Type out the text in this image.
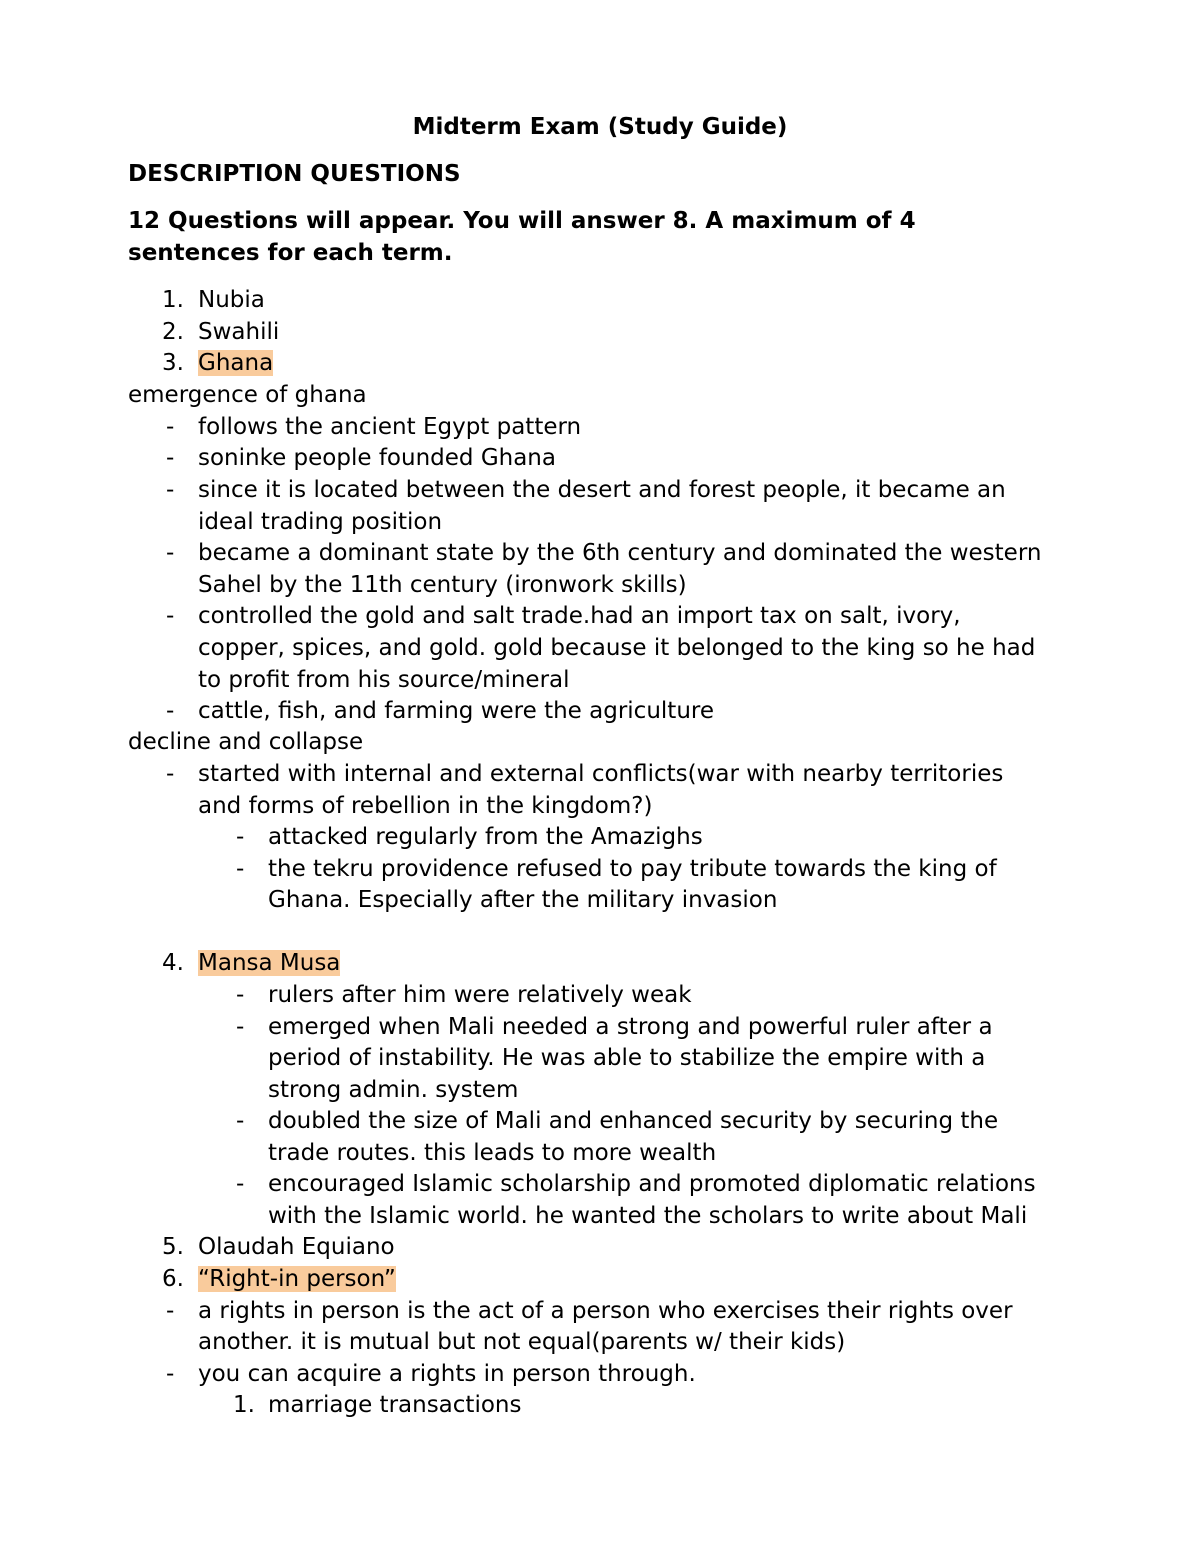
Midterm Exam (Study Guide)
DESCRIPTION QUESTIONS
12 Questions will appear. You will answer 8. A maximum of 4
sentences for each term.
1. Nubia
2. Swahili
3. Ghana
emergence of ghana
- follows the ancient Egypt pattern
- soninke people founded Ghana
- since it is located between the desert and forest people, it became an
ideal trading position
- became a dominant state by the 6th century and dominated the western
Sahel by the 11th century (ironwork skills)
- controlled the gold and salt trade.had an import tax on salt, ivory,
copper, spices, and gold. gold because it belonged to the king so he had
to profit from his source/mineral
- cattle, fish, and farming were the agriculture
decline and collapse
- started with internal and external conflicts(war with nearby territories
and forms of rebellion in the kingdom?)
- attacked regularly from the Amazighs
- the tekru providence refused to pay tribute towards the king of
Ghana. Especially after the military invasion
4. Mansa Musa
- rulers after him were relatively weak
- emerged when Mali needed a strong and powerful ruler after a
period of instability. He was able to stabilize the empire with a
strong admin. system
- doubled the size of Mali and enhanced security by securing the
trade routes. this leads to more wealth
- encouraged Islamic scholarship and promoted diplomatic relations
with the Islamic world. he wanted the scholars to write about Mali
5. Olaudah Equiano
6. “Right-in person”
- a rights in person is the act of a person who exercises their rights over
another. it is mutual but not equal(parents w/ their kids)
- you can acquire a rights in person through.
1. marriage transactions
